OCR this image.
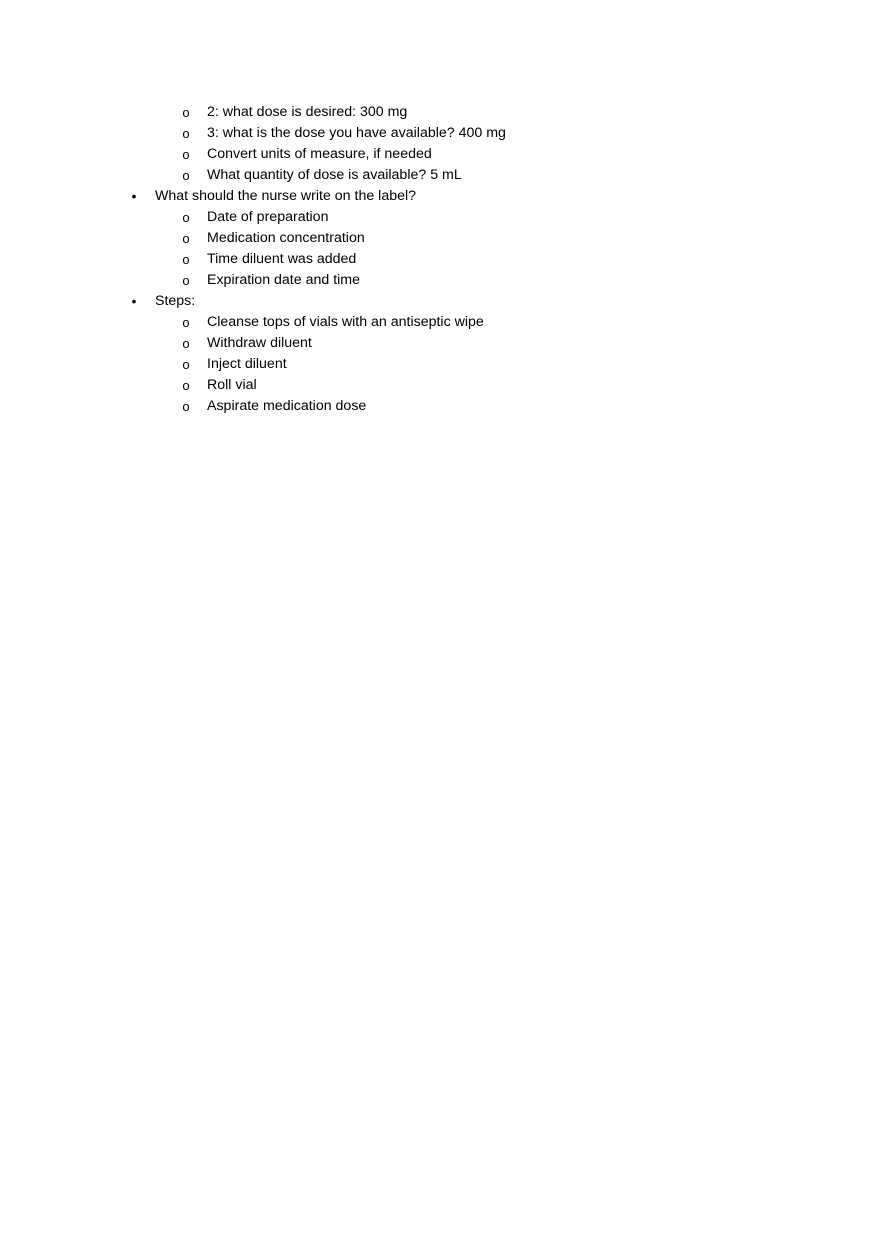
o 2: what dose is desired: 300 mg
o 3: what is the dose you have available? 400 mg
o Convert units of measure, if needed
o What quantity of dose is available? 5 mL
• What should the nurse write on the label?
o Date of preparation
o Medication concentration
o Time diluent was added
o Expiration date and time
• Steps:
o Cleanse tops of vials with an antiseptic wipe
o Withdraw diluent
o Inject diluent
o Roll vial
o Aspirate medication dose
